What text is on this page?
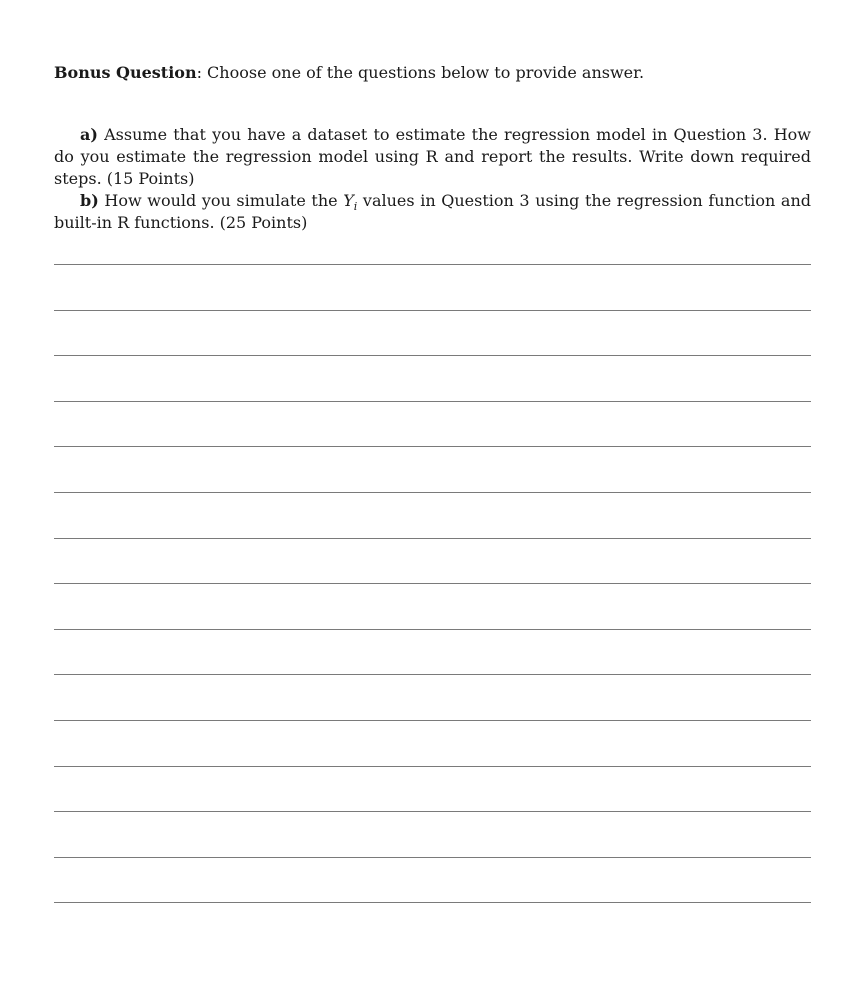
Bonus Question: Choose one of the questions below to provide answer.

a) Assume that you have a dataset to estimate the regression model in Question 3. How do you estimate the regression model using R and report the results. Write down required steps. (15 Points)

b) How would you simulate the $Y_i$ values in Question 3 using the regression function and built-in R functions. (25 Points)
